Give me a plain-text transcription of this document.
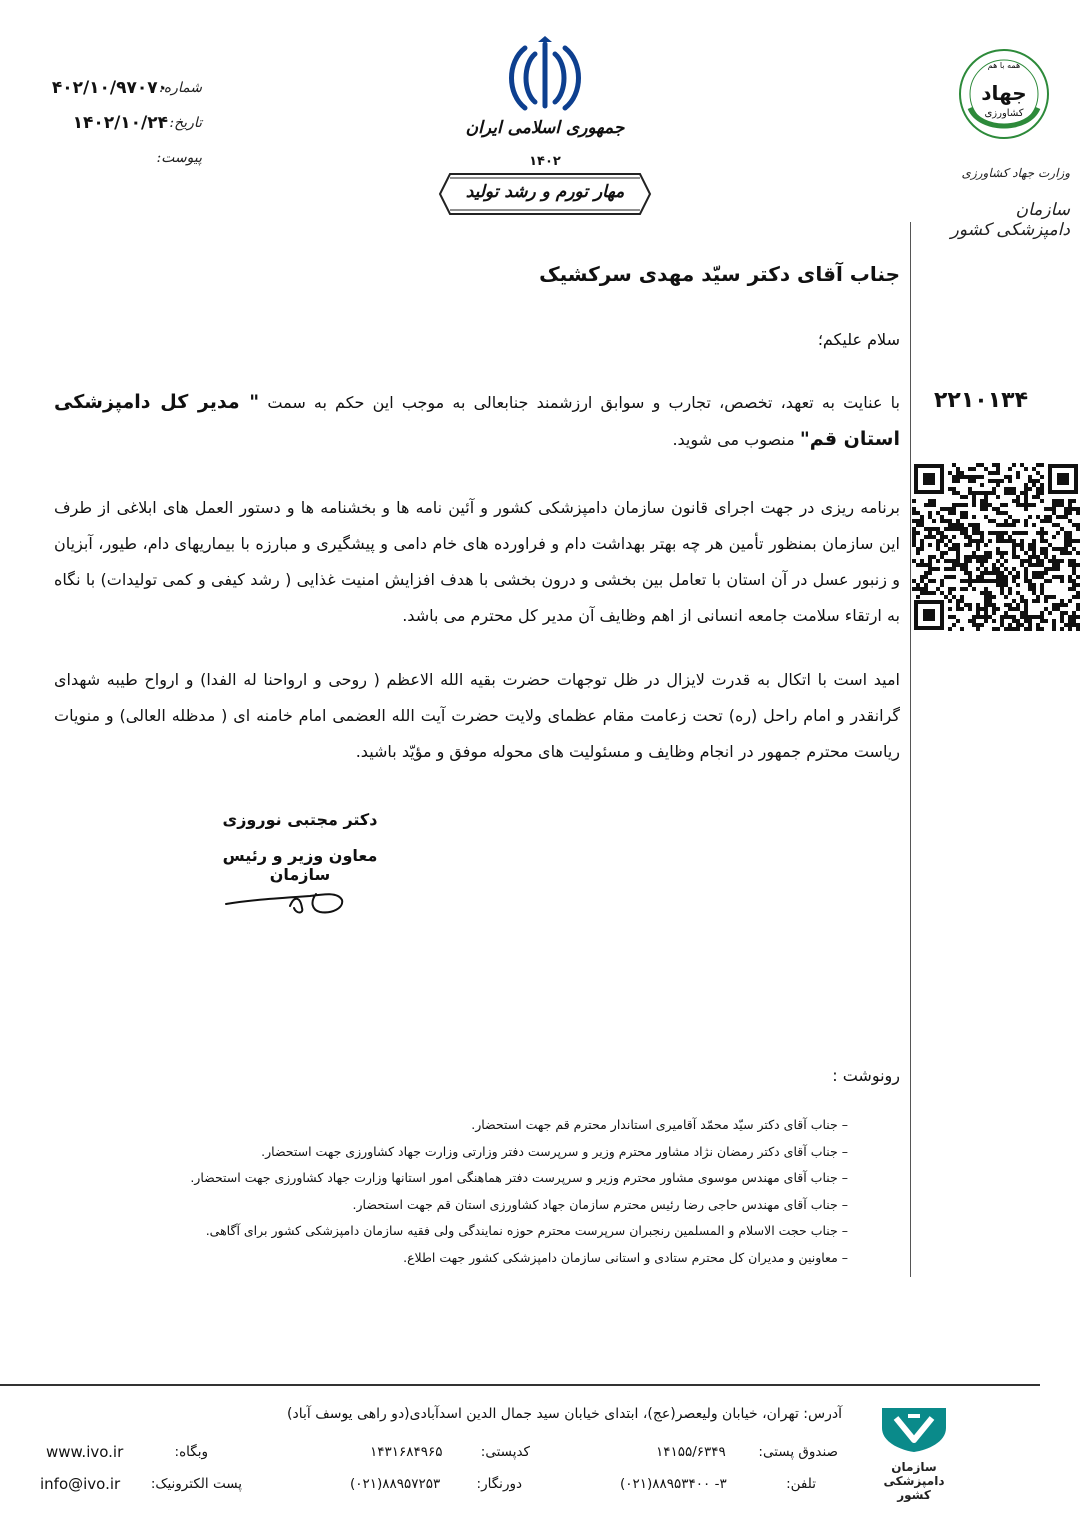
شماره:
۴۰۲/۱۰/۹۷۰۷۰
تاریخ:
۱۴۰۲/۱۰/۲۴
پیوست:
جمهوری اسلامی ایران
۱۴۰۲
مهار تورم و رشد تولید
همه با هم
جهاد
کشاورزی
وزارت جهاد کشاورزی
سازمان دامپزشکی کشور
جناب آقای دکتر سیّد مهدی سرکشیک
سلام علیکم؛
با عنایت به تعهد، تخصص، تجارب و سوابق ارزشمند جنابعالی به موجب این حکم به سمت " مدیر کل دامپزشکی استان قم" منصوب می شوید.
۲۲۱۰۱۳۴
برنامه ریزی در جهت اجرای قانون سازمان دامپزشکی کشور و آئین نامه ها و بخشنامه ها و دستور العمل های ابلاغی از طرف این سازمان بمنظور تأمین هر چه بهتر بهداشت دام و فراورده های خام دامی و پیشگیری و مبارزه با بیماریهای دام، طیور، آبزیان و زنبور عسل در آن استان با تعامل بین بخشی و درون بخشی با هدف افزایش امنیت غذایی ( رشد کیفی و کمی تولیدات) با نگاه به ارتقاء سلامت جامعه انسانی از اهم وظایف آن مدیر کل محترم می باشد.
امید است با اتکال به قدرت لایزال در ظل توجهات حضرت بقیه الله الاعظم ( روحی و ارواحنا له الفدا) و ارواح طیبه شهدای گرانقدر و امام راحل (ره) تحت زعامت مقام عظمای ولایت حضرت آیت الله العضمی امام خامنه ای ( مدظله العالی) و منویات ریاست محترم جمهور در انجام وظایف و مسئولیت های محوله موفق و مؤیّد باشید.
دکتر مجتبی نوروزی
معاون وزیر و رئیس سازمان
رونوشت :
– جناب آقای دکتر سیّد محمّد آقامیری استاندار محترم قم جهت استحضار.
– جناب آقای دکتر رمضان نژاد مشاور محترم وزیر و سرپرست دفتر وزارتی وزارت جهاد کشاورزی جهت استحضار.
– جناب آقای مهندس موسوی مشاور محترم وزیر و سرپرست دفتر هماهنگی امور استانها وزارت جهاد کشاورزی جهت استحضار.
– جناب آقای مهندس حاجی رضا رئیس محترم سازمان جهاد کشاورزی استان قم جهت استحضار.
– جناب حجت الاسلام و المسلمین رنجبران سرپرست محترم حوزه نمایندگی ولی فقیه سازمان دامپزشکی کشور برای آگاهی.
– معاونین و مدیران کل محترم ستادی و استانی سازمان دامپزشکی کشور جهت اطلاع.
آدرس: تهران، خیابان ولیعصر(عج)، ابتدای خیابان سید جمال الدین اسدآبادی(دو راهی یوسف آباد)
صندوق پستی:
۱۴۱۵۵/۶۳۴۹
کدپستی:
۱۴۳۱۶۸۴۹۶۵
وبگاه:
www.ivo.ir
تلفن:
(۰۲۱)۸۸۹۵۳۴۰۰ -۳
دورنگار:
(۰۲۱)۸۸۹۵۷۲۵۳
پست الکترونیک:
info@ivo.ir
سازمان دامپزشکی کشور
